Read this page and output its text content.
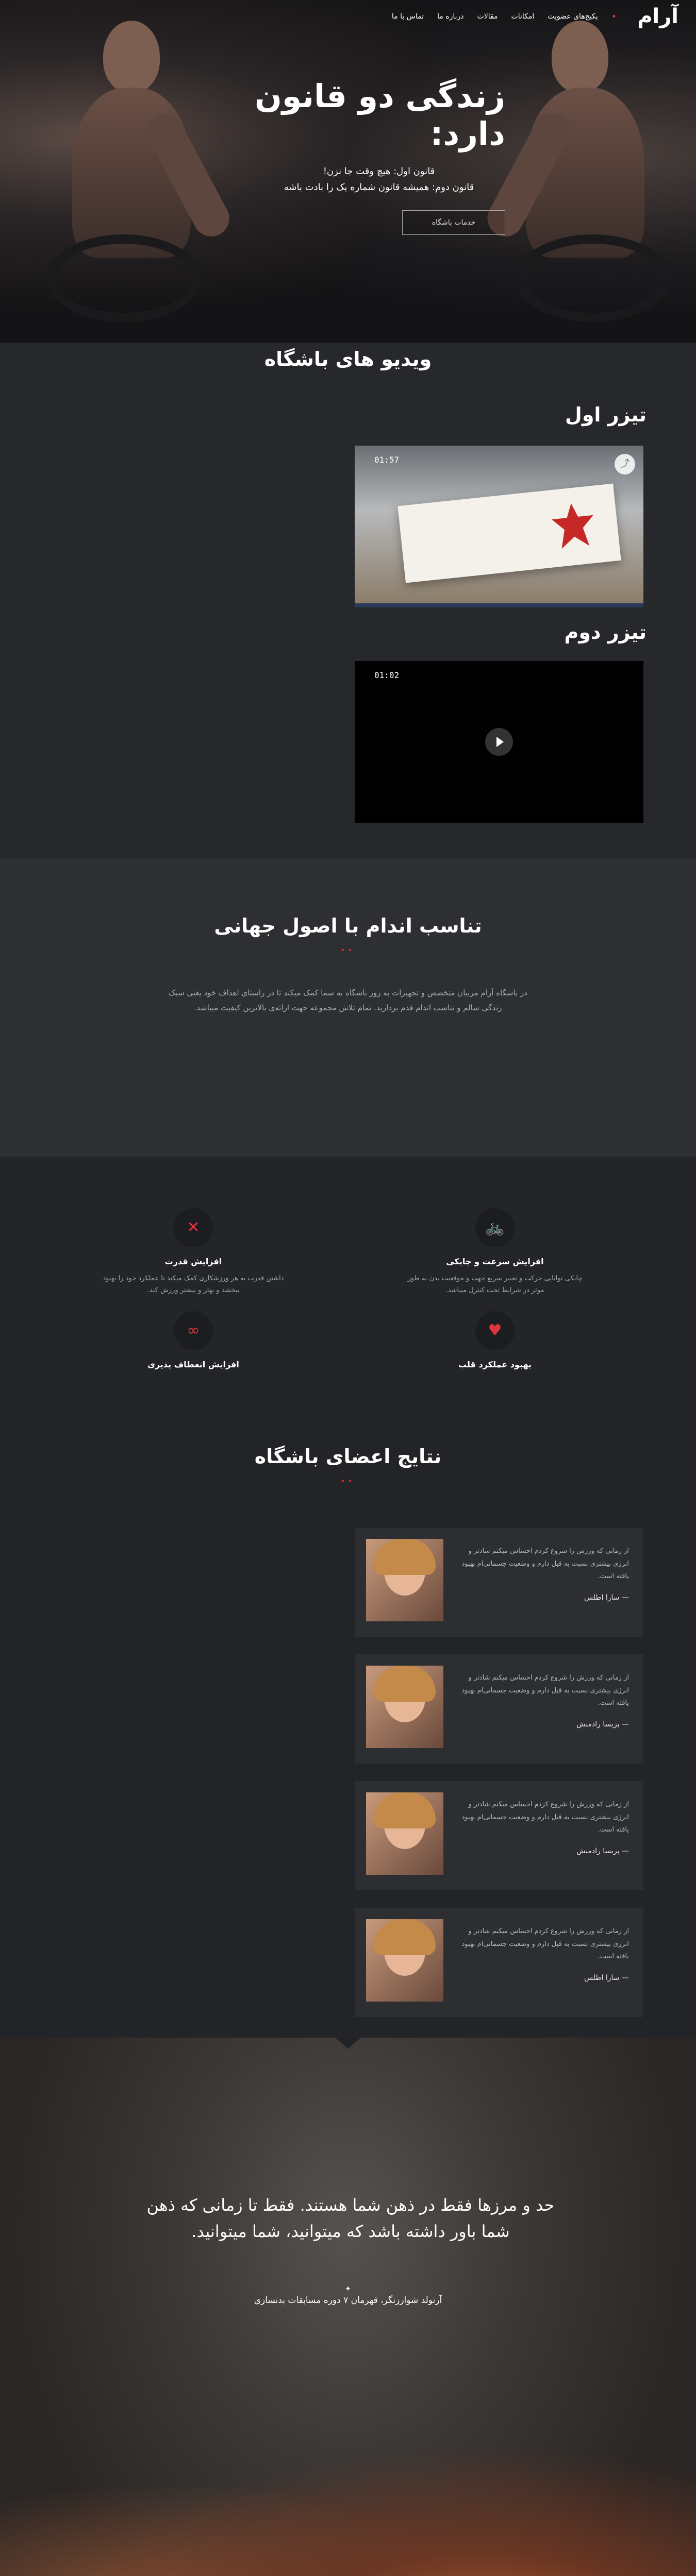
آرام
•
پکیج‌های عضویت
امکانات
مقالات
درباره ما
تماس با ما
زندگی دو قانون دارد:

قانون اول: هیچ وقت جا نزن!

قانون دوم: همیشه قانون شماره یک را بادت باشه

خدمات باشگاه
ویدیو های باشگاه
تیزر اول
01:57	⤴
تیزر دوم
01:02
تناسب اندام با اصول جهانی
••

در باشگاه آرام مربیان متخصص و تجهیزات به روز باشگاه به شما کمک میکند تا در راستای اهداف خود یعنی سبک زندگی سالم و تناسب اندام قدم بردارید. تمام تلاش مجموعه جهت ارائه‌ی بالاترین کیفیت میباشد.

🚲
افزایش سرعت و چابکی
چابکی توانایی حرکت و تغییر سریع جهت و موقعیت بدن به طور موثر در شرایط تحت کنترل میباشد.
✕
افزایش قدرت
داشتن قدرت به هر ورزشکاری کمک میکند تا عملکرد خود را بهبود ببخشد و بهتر و بیشتر ورزش کند.
♥
بهبود عملکرد قلب
∞
افزایش انعطاف پذیری
نتایج اعضای باشگاه
••
از زمانی که ورزش را شروع کردم احساس میکنم شادتر و انرژی بیشتری نسبت به قبل دارم و وضعیت جسمانی‌ام بهبود یافته است.
— سارا اطلس
از زمانی که ورزش را شروع کردم احساس میکنم شادتر و انرژی بیشتری نسبت به قبل دارم و وضعیت جسمانی‌ام بهبود یافته است.
— پریسا رادمنش
از زمانی که ورزش را شروع کردم احساس میکنم شادتر و انرژی بیشتری نسبت به قبل دارم و وضعیت جسمانی‌ام بهبود یافته است.
— پریسا رادمنش
از زمانی که ورزش را شروع کردم احساس میکنم شادتر و انرژی بیشتری نسبت به قبل دارم و وضعیت جسمانی‌ام بهبود یافته است.
— سارا اطلس
حد و مرزها فقط در ذهن شما هستند. فقط تا زمانی که ذهن شما باور داشته باشد که میتوانید، شما میتوانید.
✦
آرنولد شوارزنگر، قهرمان ۷ دوره مسابقات بدنسازی
